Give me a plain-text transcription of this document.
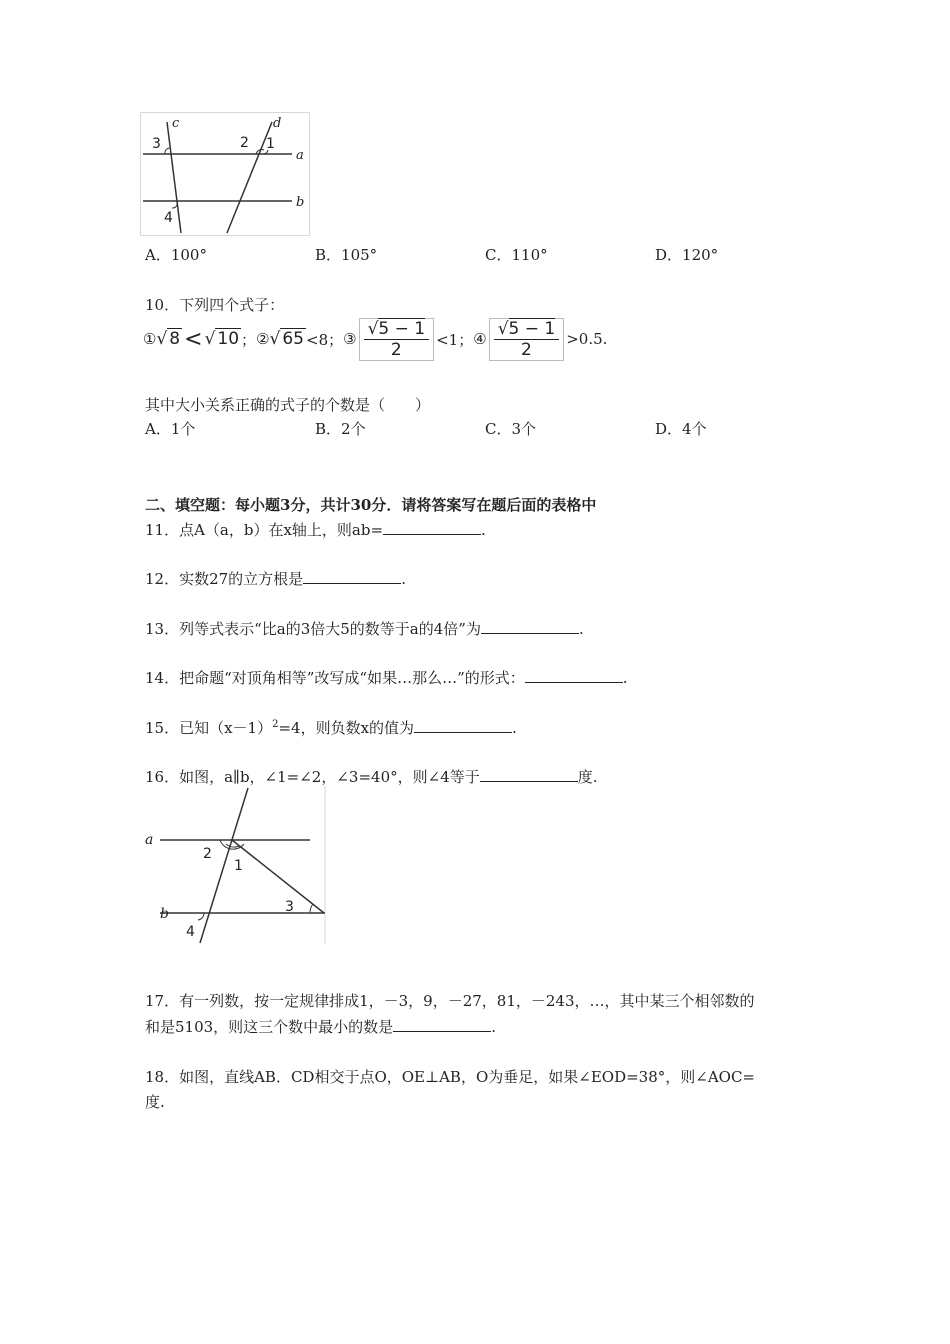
3
c
2
d
1
a
b
4
A．100°	B．105°	C．110°	D．120°
10．下列四个式子：
① √ 8 < √ 10 ； ② √ 65 <8； ③ $\frac{√5 - 1}{2} <1$； ④ $\frac{√5 - 1}{2} >0.5$.
其中大小关系正确的式子的个数是（　　）
A．1个	B．2个	C．3个	D．4个
二、填空题：每小题3分，共计30分．请将答案写在题后面的表格中
11．点A（a，b）在x轴上，则ab=	.
12．实数27的立方根是	.
13．列等式表示“比a的3倍大5的数等于a的4倍”为	.
14．把命题“对顶角相等”改写成“如果…那么…”的形式：	.
15．已知$(x-1)^2=4$，则负数x的值为	.
16．如图，a∥b，∠1=∠2，∠3=40°，则∠4等于	度.
a
2
1
3
b
4
17．有一列数，按一定规律排成1，－3，9，－27，81，－243，…，其中某三个相邻数的
和是5103，则这三个数中最小的数是	.
18．如图，直线AB．CD相交于点O，OE⊥AB，O为垂足，如果∠EOD=38°，则∠AOC=
度.
